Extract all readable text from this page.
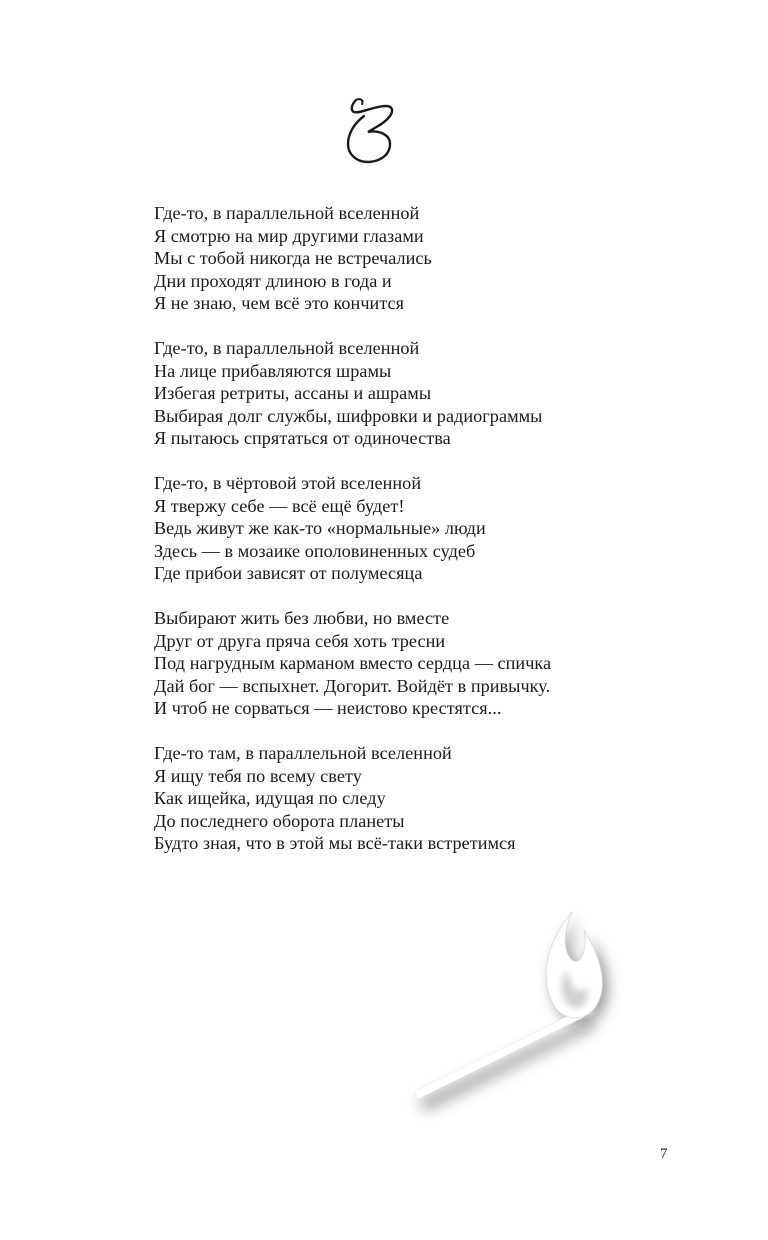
Где-то, в параллельной вселенной
Я смотрю на мир другими глазами
Мы с тобой никогда не встречались
Дни проходят длиною в года и
Я не знаю, чем всё это кончится
Где-то, в параллельной вселенной
На лице прибавляются шрамы
Избегая ретриты, ассаны и ашрамы
Выбирая долг службы, шифровки и радиограммы
Я пытаюсь спрятаться от одиночества
Где-то, в чёртовой этой вселенной
Я твержу себе — всё ещё будет!
Ведь живут же как-то «нормальные» люди
Здесь — в мозаике ополовиненных судеб
Где прибои зависят от полумесяца
Выбирают жить без любви, но вместе
Друг от друга пряча себя хоть тресни
Под нагрудным карманом вместо сердца — спичка
Дай бог — вспыхнет. Догорит. Войдёт в привычку.
И чтоб не сорваться — неистово крестятся...
Где-то там, в параллельной вселенной
Я ищу тебя по всему свету
Как ищейка, идущая по следу
До последнего оборота планеты
Будто зная, что в этой мы всё-таки встретимся
7
